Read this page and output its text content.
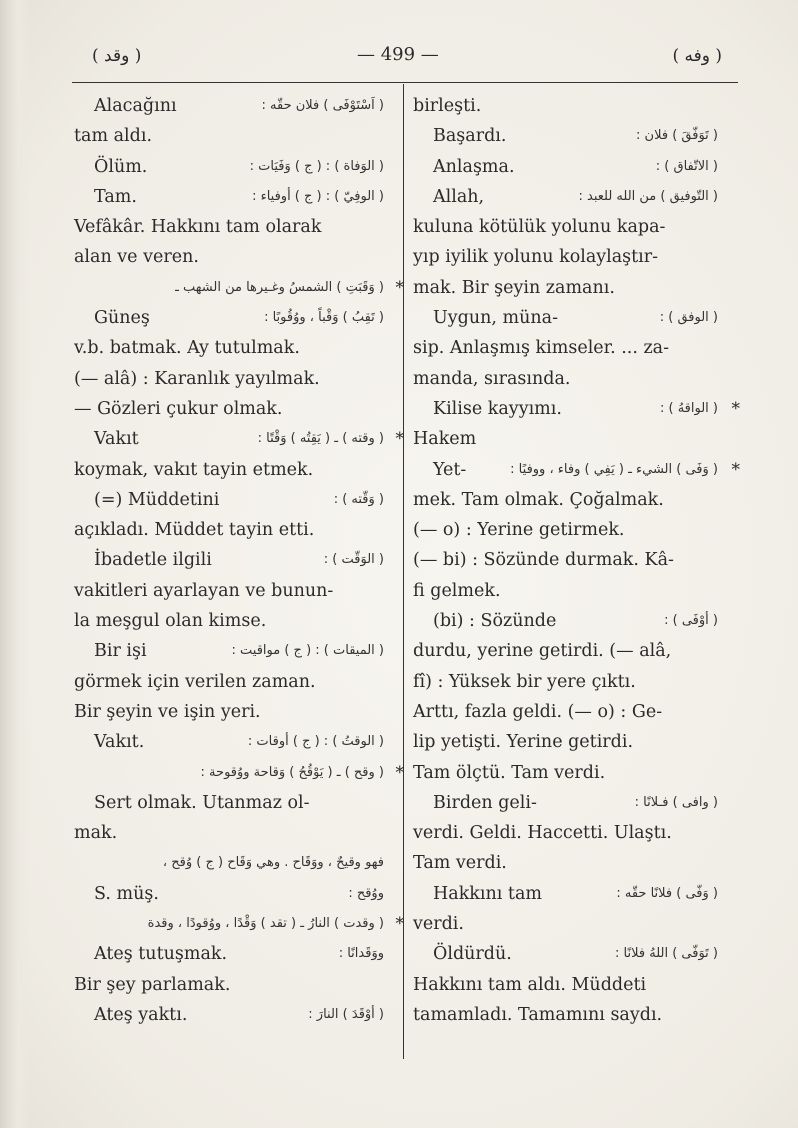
( وقد )	— 499 —	( وفه )
Alacağını	( اَسْتَوْفَى ) فلان حقّه :
tam aldı.
Ölüm.	( الوَفاة ) : ( ج ) وَفَيَات :
Tam.	( الوفِيّ ) : ( ج ) أوفياء :
Vefâkâr. Hakkını tam olarak
alan ve veren.
( وَقَبَتِ ) الشمسُ وغـيرها من الشهب ـ *
Güneş	( تَقِبُ ) وَقْباً ، ووُقُوبًا :
v.b. batmak. Ay tutulmak.
(— alâ) : Karanlık yayılmak.
— Gözleri çukur olmak.
Vakıt	( وقته ) ـ ( يَقِتُه ) وَقْتًا : *
koymak, vakıt tayin etmek.
(=) Müddetini	( وَقّته ) :
açıkladı. Müddet tayin etti.
İbadetle ilgili	( الوَقّت ) :
vakitleri ayarlayan ve bunun-
la meşgul olan kimse.
Bir işi	( الميقات ) : ( ج ) مواقيت :
görmek için verilen zaman.
Bir şeyin ve işin yeri.
Vakıt.	( الوقتُ ) : ( ج ) أوقات :
( وقح ) ـ ( يَوْقُحُ ) وَقاحة ووُقوحة : *
Sert olmak. Utanmaz ol-
mak.
فهو وقيحٌ ، ووَقَاح . وهي وَقَاح ( ج ) وُقح ،
S. müş.	ووُقح :
( وقدت ) النارُ ـ ( تقد ) وَقْدًا ، ووُقودًا ، وقدة *
Ateş tutuşmak.	ووَقَدانًا :
Bir şey parlamak.
Ateş yaktı.	( أوْقَدَ ) النارَ :
birleşti.
Başardı.	( تَوَفّقَ ) فلان :
Anlaşma.	( الاتّفاق ) :
Allah,	( التّوفيق ) من الله للعبد :
kuluna kötülük yolunu kapa-
yıp iyilik yolunu kolaylaştır-
mak. Bir şeyin zamanı.
Uygun, müna-	( الوفق ) :
sip. Anlaşmış kimseler. ... za-
manda, sırasında.
Kilise kayyımı.	( الواقهُ ) : *
Hakem
Yet-	( وَفَى ) الشيء ـ ( يَفِي ) وفاء ، ووفيًا : *
mek. Tam olmak. Çoğalmak.
(— o) : Yerine getirmek.
(— bi) : Sözünde durmak. Kâ-
fi gelmek.
(bi) : Sözünde	( أوْفَى ) :
durdu, yerine getirdi. (— alâ,
fî) : Yüksek bir yere çıktı.
Arttı, fazla geldi. (— o) : Ge-
lip yetişti. Yerine getirdi.
Tam ölçtü. Tam verdi.
Birden geli-	( وافى ) فـلانًا :
verdi. Geldi. Haccetti. Ulaştı.
Tam verdi.
Hakkını tam	( وَفّى ) فلانًا حقّه :
verdi.
Öldürdü.	( تَوَفّى ) اللهُ فلانًا :
Hakkını tam aldı. Müddeti
tamamladı. Tamamını saydı.
